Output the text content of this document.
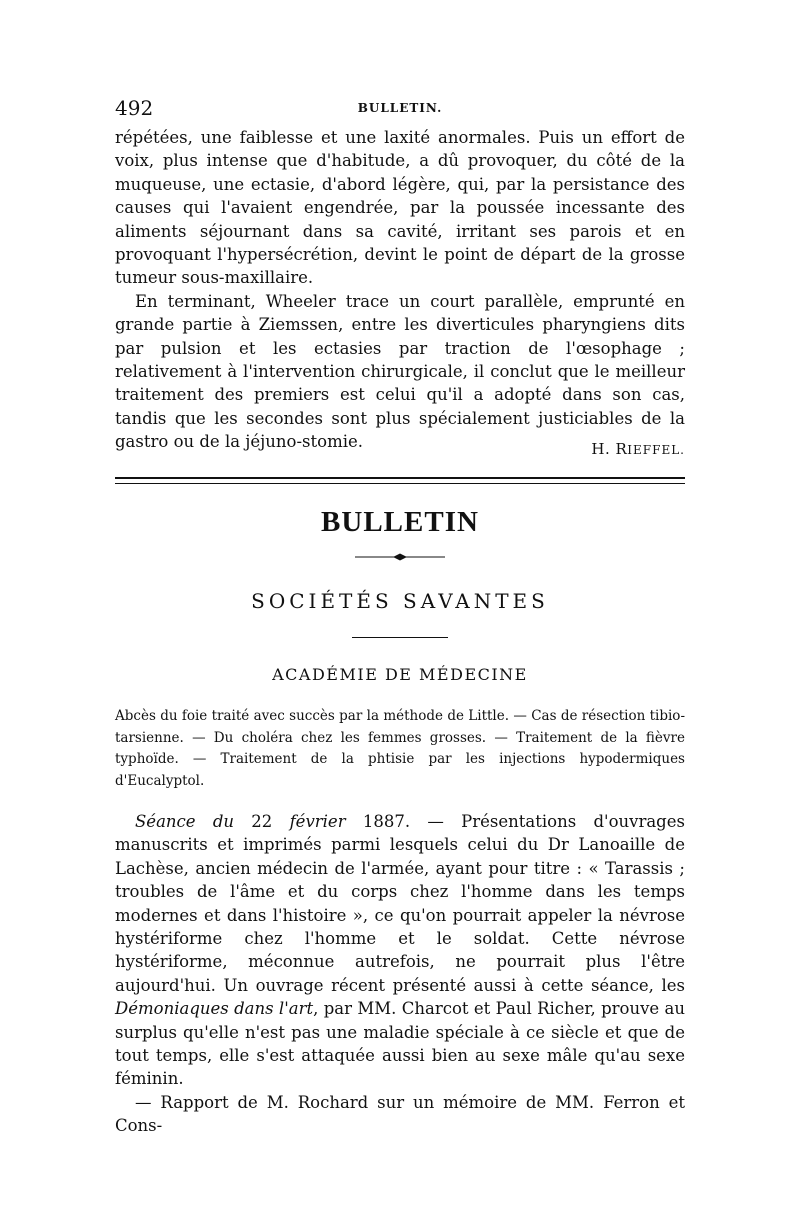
492	BULLETIN.

répétées, une faiblesse et une laxité anormales. Puis un effort de voix, plus intense que d'habitude, a dû provoquer, du côté de la muqueuse, une ectasie, d'abord légère, qui, par la persistance des causes qui l'avaient engendrée, par la poussée incessante des aliments séjournant dans sa cavité, irritant ses parois et en provoquant l'hypersécrétion, devint le point de départ de la grosse tumeur sous-maxillaire.

En terminant, Wheeler trace un court parallèle, emprunté en grande partie à Ziemssen, entre les diverticules pharyngiens dits par pulsion et les ectasies par traction de l'œsophage ; relativement à l'intervention chirurgicale, il conclut que le meilleur traitement des premiers est celui qu'il a adopté dans son cas, tandis que les secondes sont plus spécialement justiciables de la gastro ou de la jéjuno-stomie.	H. RIEFFEL.
BULLETIN
SOCIÉTÉS SAVANTES
ACADÉMIE DE MÉDECINE

Abcès du foie traité avec succès par la méthode de Little. — Cas de résection tibio-tarsienne. — Du choléra chez les femmes grosses. — Traitement de la fièvre typhoïde. — Traitement de la phtisie par les injections hypodermiques d'Eucalyptol.

Séance du 22 février 1887. — Présentations d'ouvrages manuscrits et imprimés parmi lesquels celui du Dr Lanoaille de Lachèse, ancien médecin de l'armée, ayant pour titre : « Tarassis ; troubles de l'âme et du corps chez l'homme dans les temps modernes et dans l'histoire », ce qu'on pourrait appeler la névrose hystériforme chez l'homme et le soldat. Cette névrose hystériforme, méconnue autrefois, ne pourrait plus l'être aujourd'hui. Un ouvrage récent présenté aussi à cette séance, les Démoniaques dans l'art, par MM. Charcot et Paul Richer, prouve au surplus qu'elle n'est pas une maladie spéciale à ce siècle et que de tout temps, elle s'est attaquée aussi bien au sexe mâle qu'au sexe féminin.

— Rapport de M. Rochard sur un mémoire de MM. Ferron et Cons-
